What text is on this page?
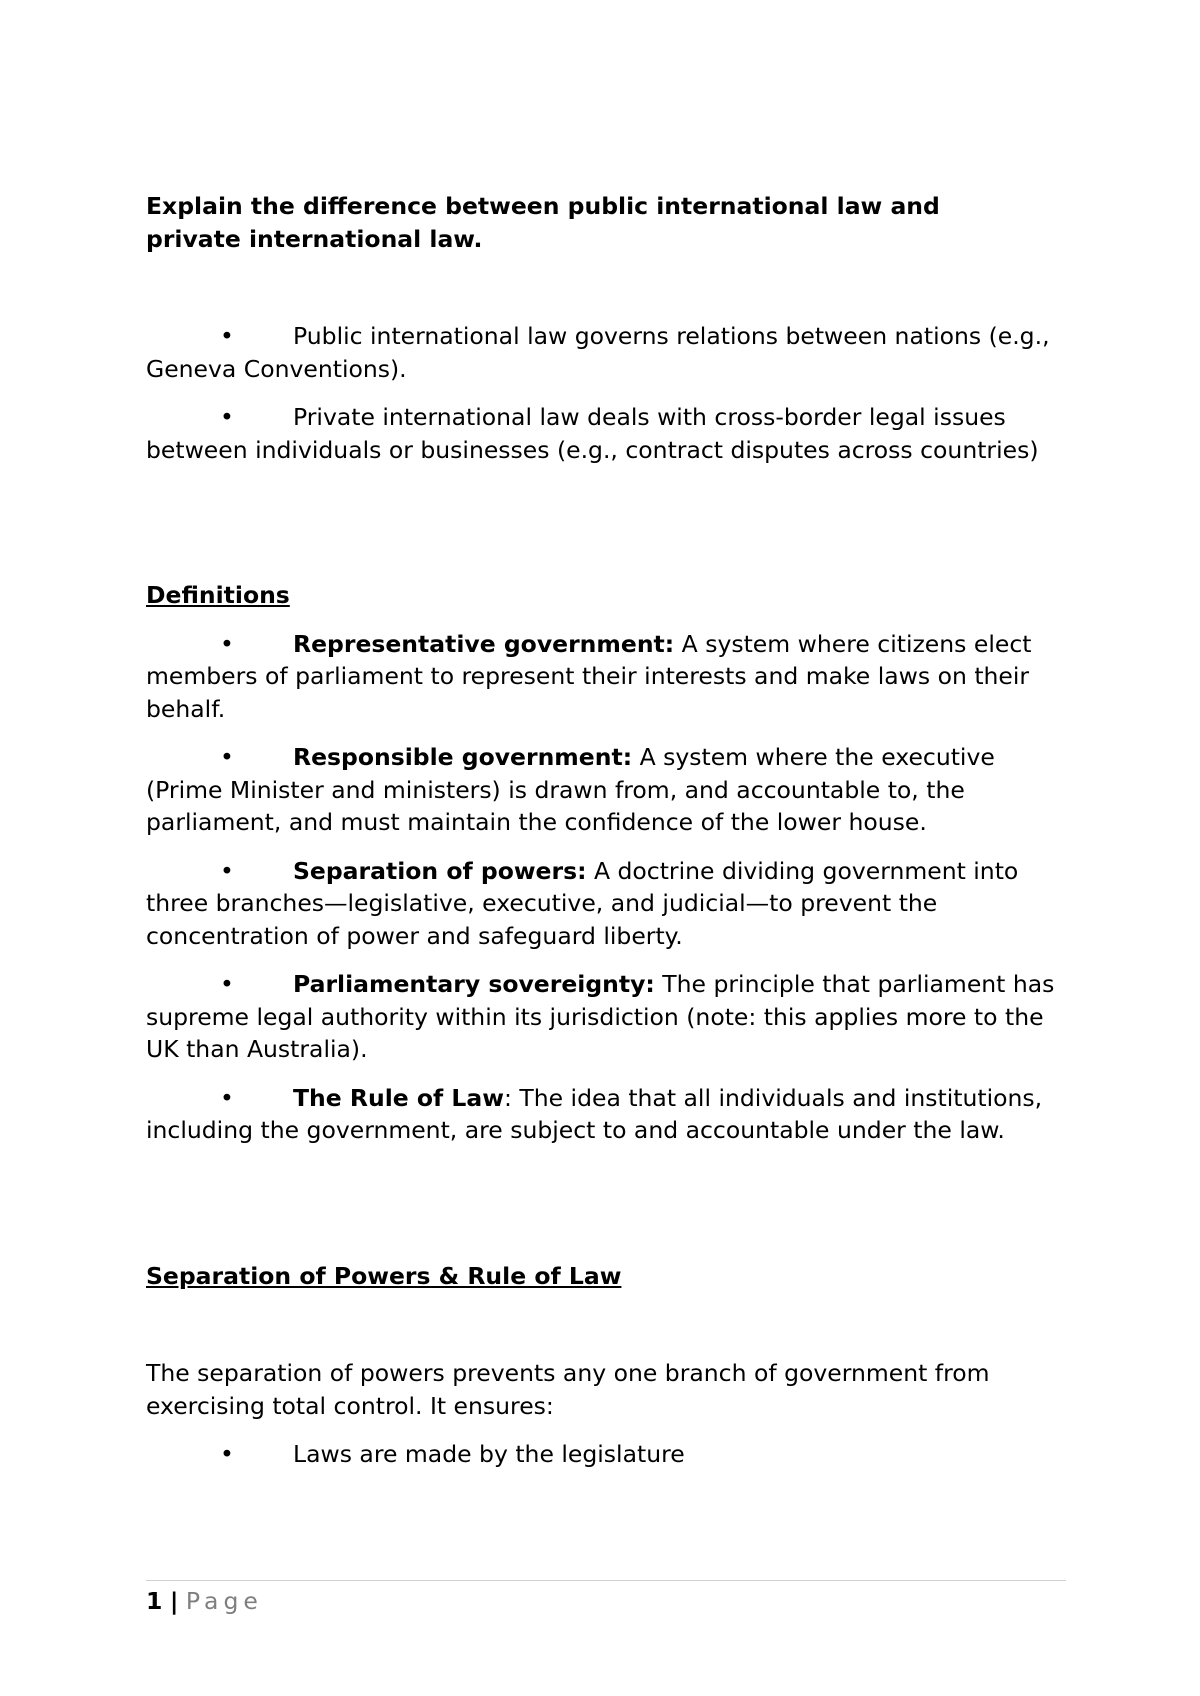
Explain the difference between public international law and
private international law.

•	Public international law governs relations between nations (e.g., Geneva Conventions).

•	Private international law deals with cross-border legal issues between individuals or businesses (e.g., contract disputes across countries)

Definitions

•	Representative government: A system where citizens elect members of parliament to represent their interests and make laws on their behalf.

•	Responsible government: A system where the executive (Prime Minister and ministers) is drawn from, and accountable to, the parliament, and must maintain the confidence of the lower house.

•	Separation of powers: A doctrine dividing government into three branches—legislative, executive, and judicial—to prevent the concentration of power and safeguard liberty.

•	Parliamentary sovereignty: The principle that parliament has supreme legal authority within its jurisdiction (note: this applies more to the UK than Australia).

•	The Rule of Law: The idea that all individuals and institutions, including the government, are subject to and accountable under the law.

Separation of Powers & Rule of Law

The separation of powers prevents any one branch of government from exercising total control. It ensures:

•	Laws are made by the legislature

1 | Page
